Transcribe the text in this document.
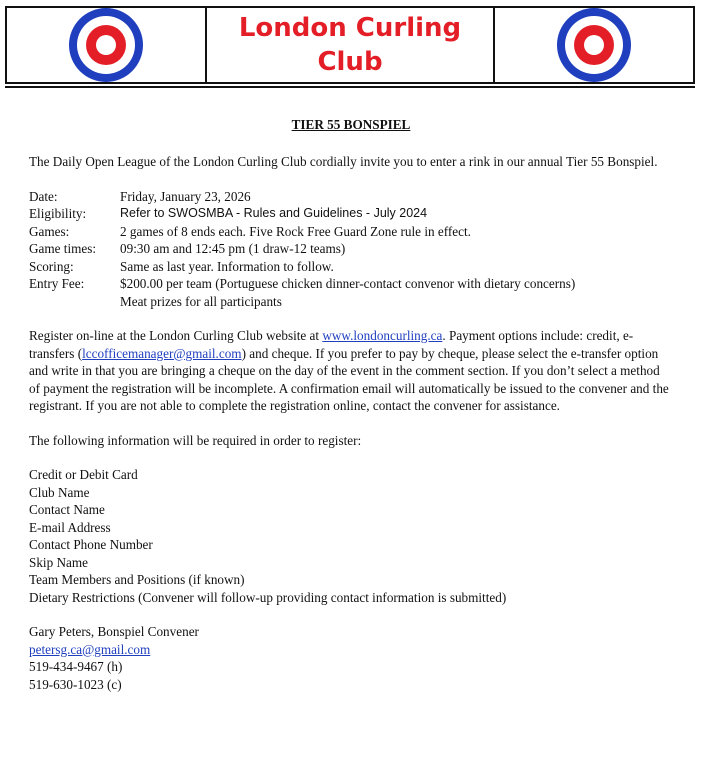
London Curling Club
TIER 55 BONSPIEL

The Daily Open League of the London Curling Club cordially invite you to enter a rink in our annual Tier 55 Bonspiel.

Date:	Friday, January 23, 2026
Eligibility:	Refer to SWOSMBA - Rules and Guidelines - July 2024
Games:	2 games of 8 ends each. Five Rock Free Guard Zone rule in effect.
Game times:	09:30 am and 12:45 pm (1 draw-12 teams)
Scoring:	Same as last year. Information to follow.
Entry Fee:	$200.00 per team (Portuguese chicken dinner-contact convenor with dietary concerns)
Meat prizes for all participants

Register on-line at the London Curling Club website at www.londoncurling.ca. Payment options include: credit, e-transfers (lccofficemanager@gmail.com) and cheque. If you prefer to pay by cheque, please select the e-transfer option and write in that you are bringing a cheque on the day of the event in the comment section. If you don’t select a method of payment the registration will be incomplete. A confirmation email will automatically be issued to the convener and the registrant. If you are not able to complete the registration online, contact the convener for assistance.

The following information will be required in order to register:

Credit or Debit Card
Club Name
Contact Name
E-mail Address
Contact Phone Number
Skip Name
Team Members and Positions (if known)
Dietary Restrictions (Convener will follow-up providing contact information is submitted)
Gary Peters, Bonspiel Convener
petersg.ca@gmail.com
519-434-9467 (h)
519-630-1023 (c)
